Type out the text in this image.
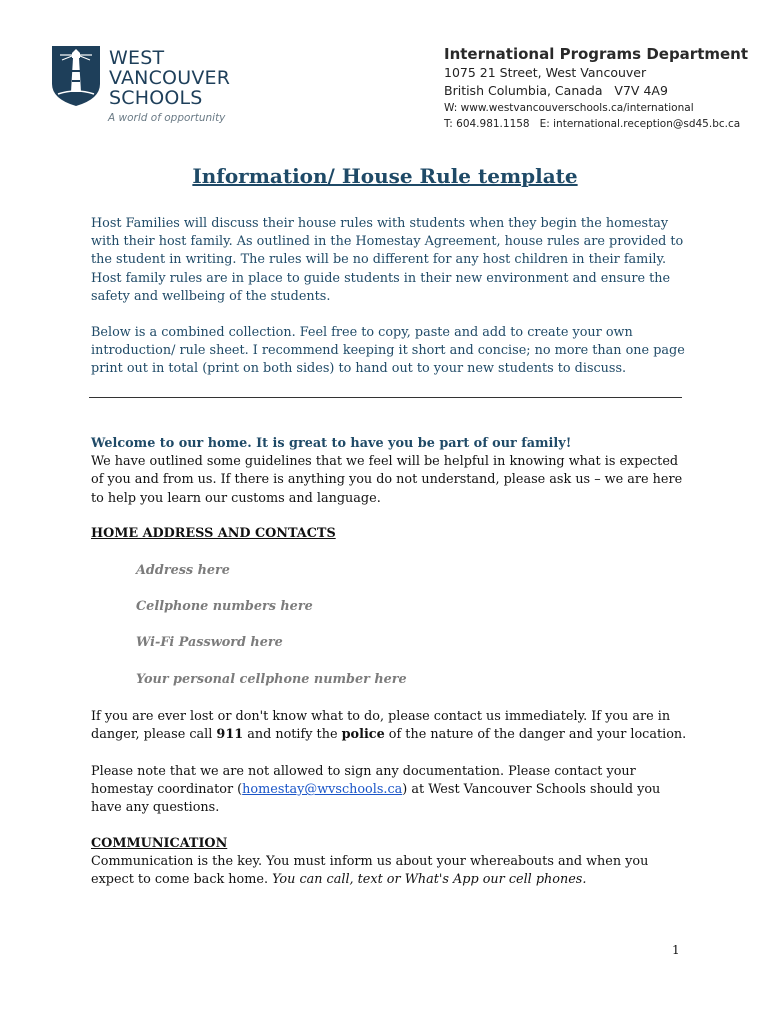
WEST
VANCOUVER
SCHOOLS
A world of opportunity
International Programs Department
1075 21 Street, West Vancouver
British Columbia, Canada   V7V 4A9
W: www.westvancouverschools.ca/international
T: 604.981.1158   E: international.reception@sd45.bc.ca
Information/ House Rule template
Host Families will discuss their house rules with students when they begin the homestay with their host family. As outlined in the Homestay Agreement, house rules are provided to the student in writing. The rules will be no different for any host children in their family. Host family rules are in place to guide students in their new environment and ensure the safety and wellbeing of the students.
Below is a combined collection. Feel free to copy, paste and add to create your own introduction/ rule sheet. I recommend keeping it short and concise; no more than one page print out in total (print on both sides) to hand out to your new students to discuss.
Welcome to our home. It is great to have you be part of our family!
We have outlined some guidelines that we feel will be helpful in knowing what is expected of you and from us. If there is anything you do not understand, please ask us – we are here to help you learn our customs and language.
HOME ADDRESS AND CONTACTS
Address here
Cellphone numbers here
Wi-Fi Password here
Your personal cellphone number here
If you are ever lost or don't know what to do, please contact us immediately. If you are in danger, please call 911 and notify the police of the nature of the danger and your location.
Please note that we are not allowed to sign any documentation. Please contact your homestay coordinator (homestay@wvschools.ca) at West Vancouver Schools should you have any questions.
COMMUNICATION
Communication is the key. You must inform us about your whereabouts and when you expect to come back home. You can call, text or What's App our cell phones.
1
